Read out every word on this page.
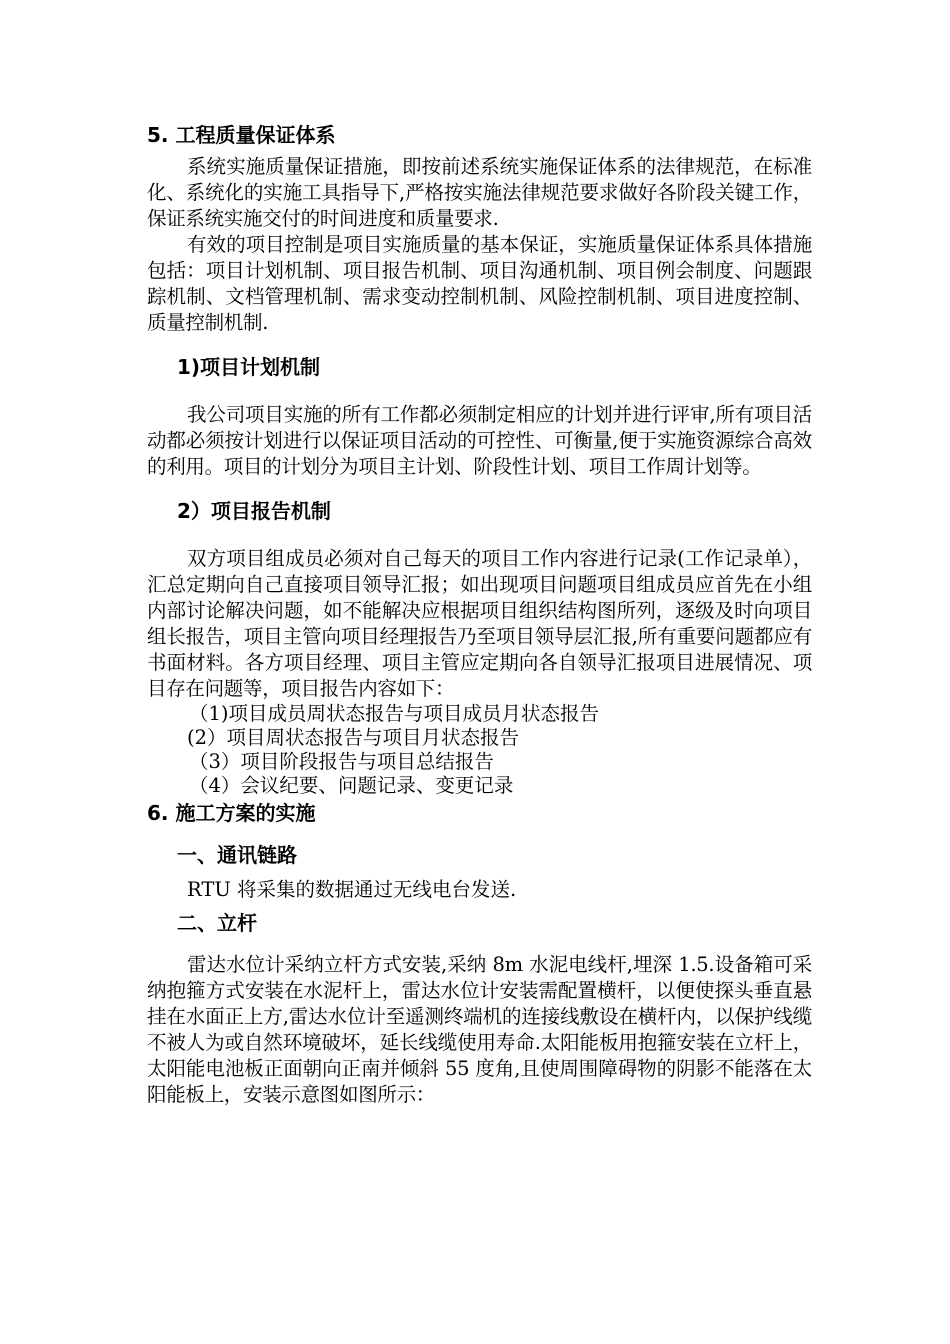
5. 工程质量保证体系

系统实施质量保证措施，即按前述系统实施保证体系的法律规范，在标准化、系统化的实施工具指导下,严格按实施法律规范要求做好各阶段关键工作，保证系统实施交付的时间进度和质量要求.

有效的项目控制是项目实施质量的基本保证，实施质量保证体系具体措施包括：项目计划机制、项目报告机制、项目沟通机制、项目例会制度、问题跟踪机制、文档管理机制、需求变动控制机制、风险控制机制、项目进度控制、质量控制机制.

1)项目计划机制

我公司项目实施的所有工作都必须制定相应的计划并进行评审,所有项目活动都必须按计划进行以保证项目活动的可控性、可衡量,便于实施资源综合高效的利用。项目的计划分为项目主计划、阶段性计划、项目工作周计划等。

2）项目报告机制

双方项目组成员必须对自己每天的项目工作内容进行记录(工作记录单），汇总定期向自己直接项目领导汇报；如出现项目问题项目组成员应首先在小组内部讨论解决问题，如不能解决应根据项目组织结构图所列，逐级及时向项目组长报告，项目主管向项目经理报告乃至项目领导层汇报,所有重要问题都应有书面材料。各方项目经理、项目主管应定期向各自领导汇报项目进展情况、项目存在问题等，项目报告内容如下：

（1)项目成员周状态报告与项目成员月状态报告
(2）项目周状态报告与项目月状态报告
（3）项目阶段报告与项目总结报告
（4）会议纪要、问题记录、变更记录
6. 施工方案的实施
一、通讯链路

RTU 将采集的数据通过无线电台发送.

二、立杆

雷达水位计采纳立杆方式安装,采纳 8m 水泥电线杆,埋深 1.5.设备箱可采纳抱箍方式安装在水泥杆上，雷达水位计安装需配置横杆，以便使探头垂直悬挂在水面正上方,雷达水位计至遥测终端机的连接线敷设在横杆内，以保护线缆不被人为或自然环境破坏，延长线缆使用寿命.太阳能板用抱箍安装在立杆上，太阳能电池板正面朝向正南并倾斜 55 度角,且使周围障碍物的阴影不能落在太阳能板上，安装示意图如图所示：
